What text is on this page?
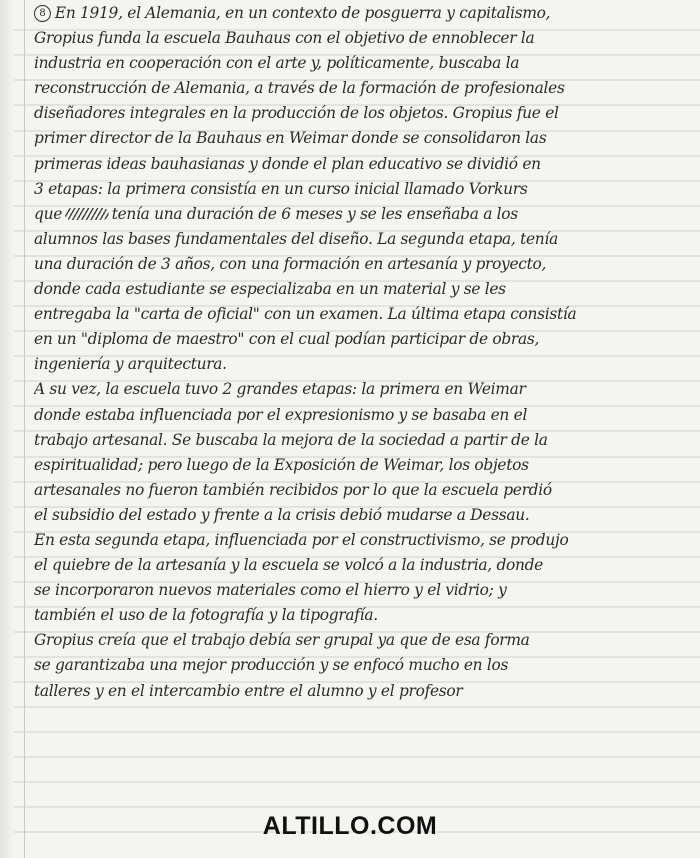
8 En 1919, el Alemania, en un contexto de posguerra y capitalismo,
Gropius funda la escuela Bauhaus con el objetivo de ennoblecer la
industria en cooperación con el arte y, políticamente, buscaba la
reconstrucción de Alemania, a través de la formación de profesionales
diseñadores integrales en la producción de los objetos. Gropius fue el
primer director de la Bauhaus en Weimar donde se consolidaron las
primeras ideas bauhasianas y donde el plan educativo se dividió en
3 etapas: la primera consistía en un curso inicial llamado Vorkurs
que	tenía una duración de 6 meses y se les enseñaba a los
alumnos las bases fundamentales del diseño. La segunda etapa, tenía
una duración de 3 años, con una formación en artesanía y proyecto,
donde cada estudiante se especializaba en un material y se les
entregaba la "carta de oficial" con un examen. La última etapa consistía
en un "diploma de maestro" con el cual podían participar de obras,
ingeniería y arquitectura.
A su vez, la escuela tuvo 2 grandes etapas: la primera en Weimar
donde estaba influenciada por el expresionismo y se basaba en el
trabajo artesanal. Se buscaba la mejora de la sociedad a partir de la
espiritualidad; pero luego de la Exposición de Weimar, los objetos
artesanales no fueron también recibidos por lo que la escuela perdió
el subsidio del estado y frente a la crisis debió mudarse a Dessau.
En esta segunda etapa, influenciada por el constructivismo, se produjo
el quiebre de la artesanía y la escuela se volcó a la industria, donde
se incorporaron nuevos materiales como el hierro y el vidrio; y
también el uso de la fotografía y la tipografía.
Gropius creía que el trabajo debía ser grupal ya que de esa forma
se garantizaba una mejor producción y se enfocó mucho en los
talleres y en el intercambio entre el alumno y el profesor
ALTILLO.COM
